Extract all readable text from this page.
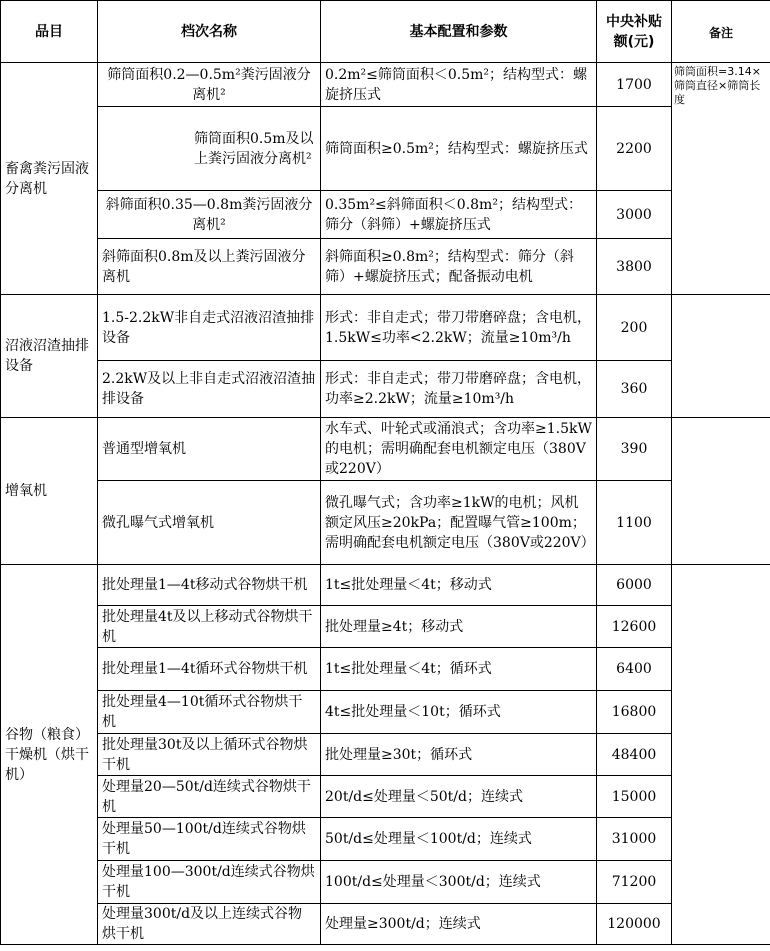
品目	档次名称	基本配置和参数	中央补贴额(元)	备注
畜禽粪污固液分离机	筛筒面积0.2—0.5m²粪污固液分离机²	0.2m²≤筛筒面积＜0.5m²；结构型式：螺旋挤压式	1700	筛筒面积=3.14×筛筒直径×筛筒长度
	筛筒面积0.5m及以上粪污固液分离机²	筛筒面积≥0.5m²；结构型式：螺旋挤压式	2200	
	斜筛面积0.35—0.8m粪污固液分离机²	0.35m²≤斜筛面积＜0.8m²；结构型式：筛分（斜筛）+螺旋挤压式	3000	
	斜筛面积0.8m及以上粪污固液分离机	斜筛面积≥0.8m²；结构型式：筛分（斜筛）+螺旋挤压式；配备振动电机	3800	
沼液沼渣抽排设备	1.5-2.2kW非自走式沼液沼渣抽排设备	形式：非自走式；带刀带磨碎盘；含电机，1.5kW≤功率<2.2kW；流量≥10m³/h	200	
	2.2kW及以上非自走式沼液沼渣抽排设备	形式：非自走式；带刀带磨碎盘；含电机，功率≥2.2kW；流量≥10m³/h	360	
增氧机	普通型增氧机	水车式、叶轮式或涌浪式；含功率≥1.5kW的电机；需明确配套电机额定电压（380V或220V）	390	
	微孔曝气式增氧机	微孔曝气式；含功率≥1kW的电机；风机额定风压≥20kPa；配置曝气管≥100m；需明确配套电机额定电压（380V或220V）	1100	
谷物（粮食）干燥机（烘干机）	批处理量1—4t移动式谷物烘干机	1t≤批处理量＜4t；移动式	6000	
	批处理量4t及以上移动式谷物烘干机	批处理量≥4t；移动式	12600	
	批处理量1—4t循环式谷物烘干机	1t≤批处理量＜4t；循环式	6400	
	批处理量4—10t循环式谷物烘干机	4t≤批处理量＜10t；循环式	16800	
	批处理量30t及以上循环式谷物烘干机	批处理量≥30t；循环式	48400	
	处理量20—50t/d连续式谷物烘干机	20t/d≤处理量＜50t/d；连续式	15000	
	处理量50—100t/d连续式谷物烘干机	50t/d≤处理量＜100t/d；连续式	31000	
	处理量100—300t/d连续式谷物烘干机	100t/d≤处理量＜300t/d；连续式	71200	
	处理量300t/d及以上连续式谷物烘干机	处理量≥300t/d；连续式	120000	
